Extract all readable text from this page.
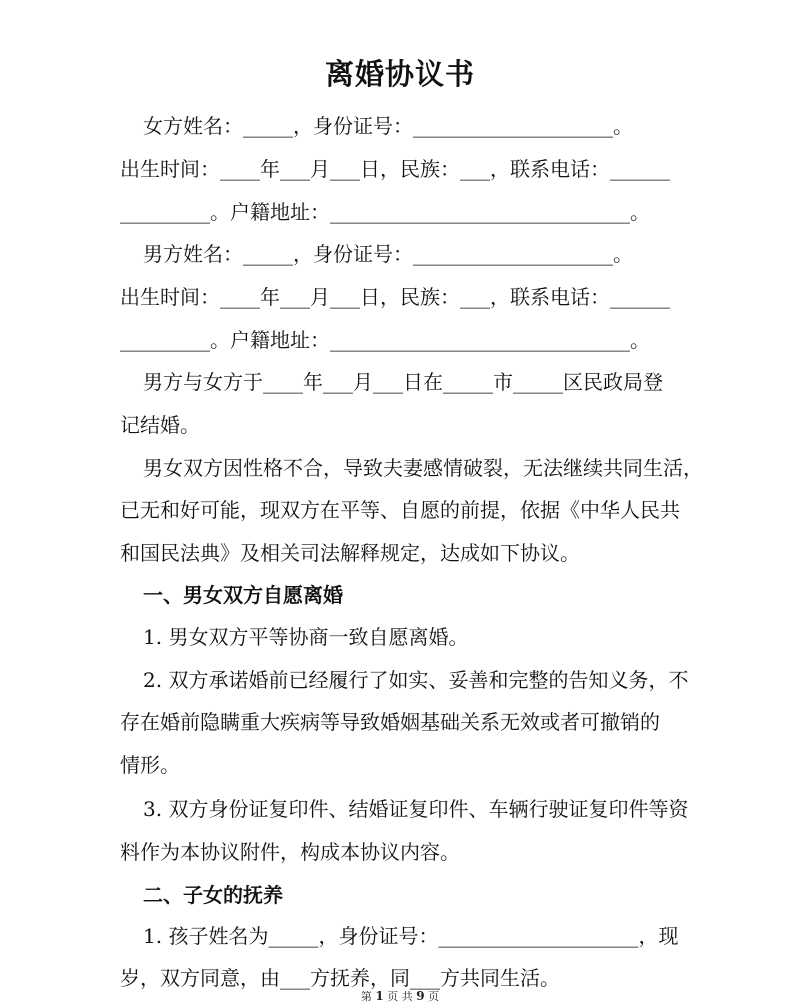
离婚协议书
女方姓名：_____，身份证号：____________________。
出生时间：____年___月___日，民族：___，联系电话：______
_________。户籍地址：______________________________。
男方姓名：_____，身份证号：____________________。
出生时间：____年___月___日，民族：___，联系电话：______
_________。户籍地址：______________________________。
男方与女方于____年___月___日在_____市_____区民政局登
记结婚。
男女双方因性格不合，导致夫妻感情破裂，无法继续共同生活，
已无和好可能，现双方在平等、自愿的前提，依据《中华人民共
和国民法典》及相关司法解释规定，达成如下协议。
一、男女双方自愿离婚
1. 男女双方平等协商一致自愿离婚。
2. 双方承诺婚前已经履行了如实、妥善和完整的告知义务，不
存在婚前隐瞒重大疾病等导致婚姻基础关系无效或者可撤销的
情形。
3. 双方身份证复印件、结婚证复印件、车辆行驶证复印件等资
料作为本协议附件，构成本协议内容。
二、子女的抚养
1. 孩子姓名为_____，身份证号：____________________，现
岁，双方同意，由___方抚养，同___方共同生活。
第 1 页 共 9 页
